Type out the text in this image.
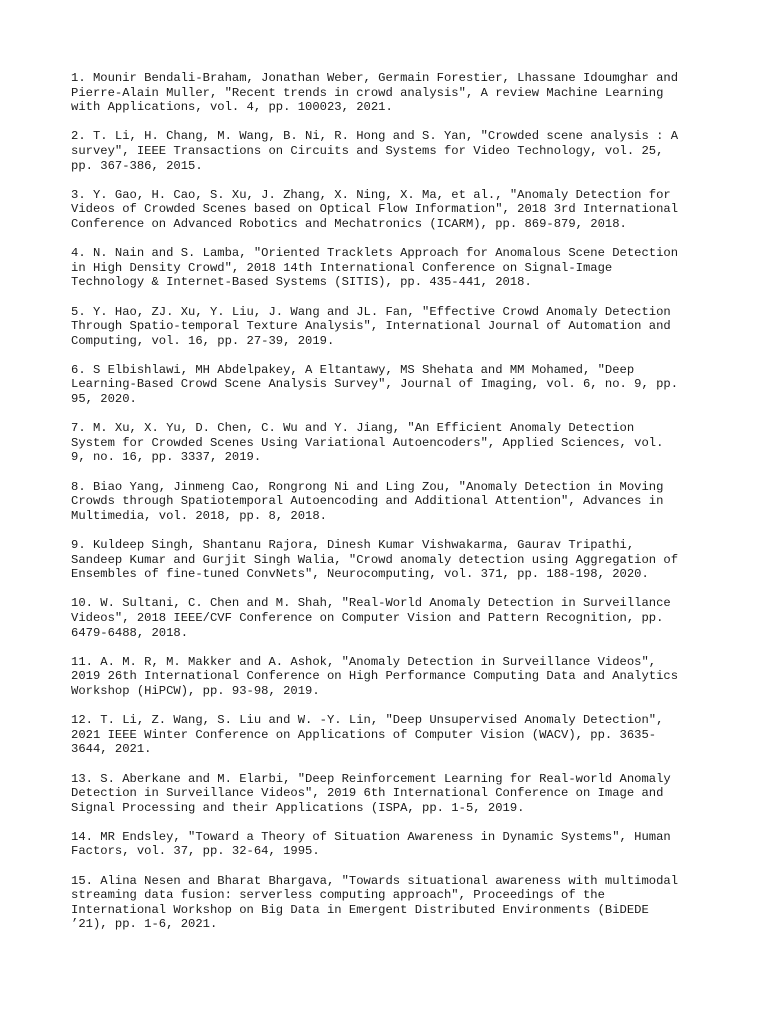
1. Mounir Bendali-Braham, Jonathan Weber, Germain Forestier, Lhassane Idoumghar and
Pierre-Alain Muller, "Recent trends in crowd analysis", A review Machine Learning
with Applications, vol. 4, pp. 100023, 2021.

2. T. Li, H. Chang, M. Wang, B. Ni, R. Hong and S. Yan, "Crowded scene analysis : A
survey", IEEE Transactions on Circuits and Systems for Video Technology, vol. 25,
pp. 367-386, 2015.

3. Y. Gao, H. Cao, S. Xu, J. Zhang, X. Ning, X. Ma, et al., "Anomaly Detection for
Videos of Crowded Scenes based on Optical Flow Information", 2018 3rd International
Conference on Advanced Robotics and Mechatronics (ICARM), pp. 869-879, 2018.

4. N. Nain and S. Lamba, "Oriented Tracklets Approach for Anomalous Scene Detection
in High Density Crowd", 2018 14th International Conference on Signal-Image
Technology & Internet-Based Systems (SITIS), pp. 435-441, 2018.

5. Y. Hao, ZJ. Xu, Y. Liu, J. Wang and JL. Fan, "Effective Crowd Anomaly Detection
Through Spatio-temporal Texture Analysis", International Journal of Automation and
Computing, vol. 16, pp. 27-39, 2019.

6. S Elbishlawi, MH Abdelpakey, A Eltantawy, MS Shehata and MM Mohamed, "Deep
Learning-Based Crowd Scene Analysis Survey", Journal of Imaging, vol. 6, no. 9, pp.
95, 2020.

7. M. Xu, X. Yu, D. Chen, C. Wu and Y. Jiang, "An Efficient Anomaly Detection
System for Crowded Scenes Using Variational Autoencoders", Applied Sciences, vol.
9, no. 16, pp. 3337, 2019.

8. Biao Yang, Jinmeng Cao, Rongrong Ni and Ling Zou, "Anomaly Detection in Moving
Crowds through Spatiotemporal Autoencoding and Additional Attention", Advances in
Multimedia, vol. 2018, pp. 8, 2018.

9. Kuldeep Singh, Shantanu Rajora, Dinesh Kumar Vishwakarma, Gaurav Tripathi,
Sandeep Kumar and Gurjit Singh Walia, "Crowd anomaly detection using Aggregation of
Ensembles of fine-tuned ConvNets", Neurocomputing, vol. 371, pp. 188-198, 2020.

10. W. Sultani, C. Chen and M. Shah, "Real-World Anomaly Detection in Surveillance
Videos", 2018 IEEE/CVF Conference on Computer Vision and Pattern Recognition, pp.
6479-6488, 2018.

11. A. M. R, M. Makker and A. Ashok, "Anomaly Detection in Surveillance Videos",
2019 26th International Conference on High Performance Computing Data and Analytics
Workshop (HiPCW), pp. 93-98, 2019.

12. T. Li, Z. Wang, S. Liu and W. -Y. Lin, "Deep Unsupervised Anomaly Detection",
2021 IEEE Winter Conference on Applications of Computer Vision (WACV), pp. 3635-
3644, 2021.

13. S. Aberkane and M. Elarbi, "Deep Reinforcement Learning for Real-world Anomaly
Detection in Surveillance Videos", 2019 6th International Conference on Image and
Signal Processing and their Applications (ISPA, pp. 1-5, 2019.

14. MR Endsley, "Toward a Theory of Situation Awareness in Dynamic Systems", Human
Factors, vol. 37, pp. 32-64, 1995.

15. Alina Nesen and Bharat Bhargava, "Towards situational awareness with multimodal
streaming data fusion: serverless computing approach", Proceedings of the
International Workshop on Big Data in Emergent Distributed Environments (BiDEDE
’21), pp. 1-6, 2021.
